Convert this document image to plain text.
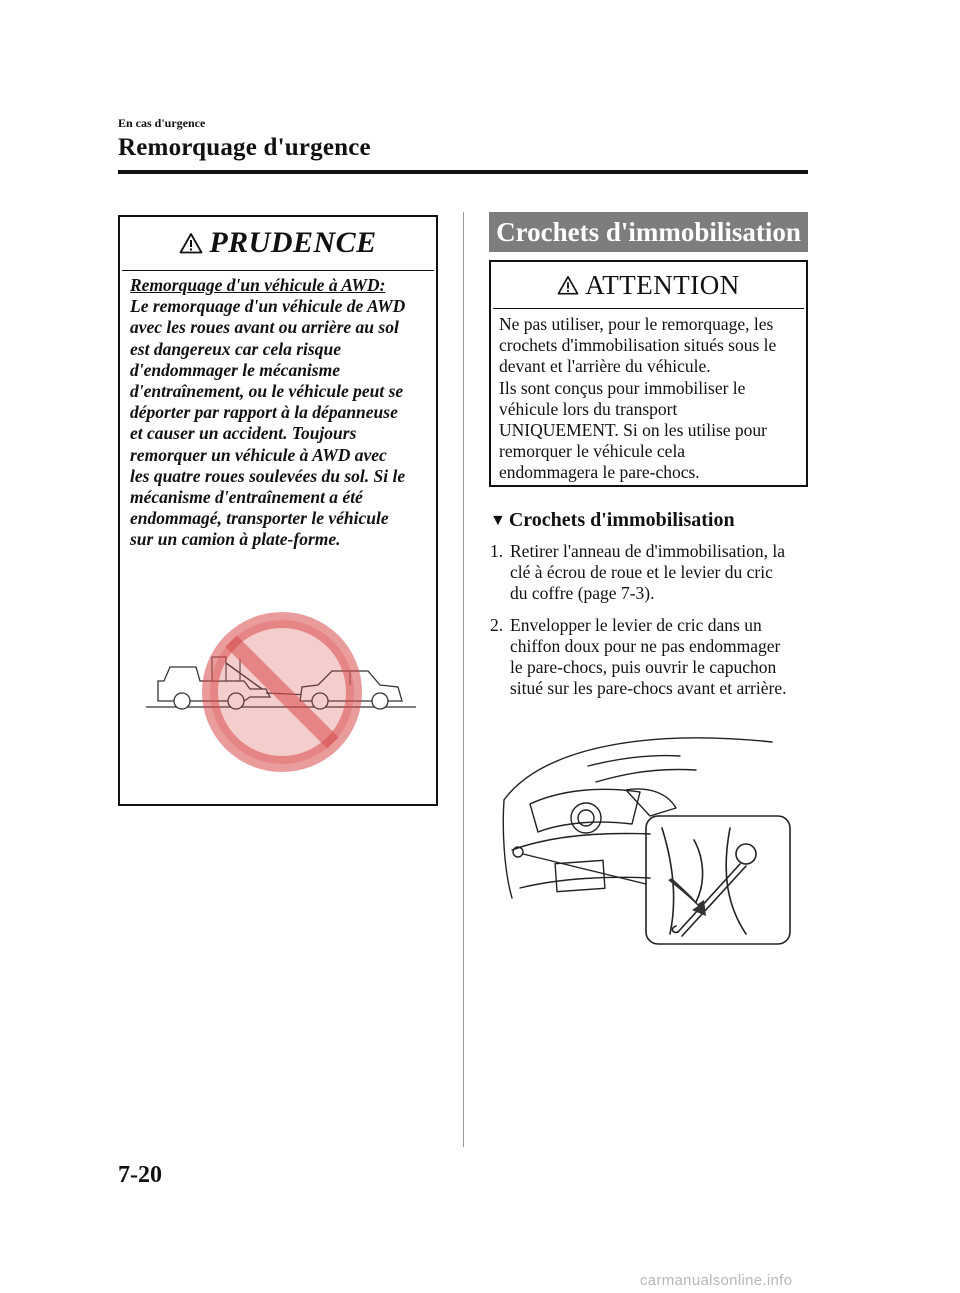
En cas d'urgence
Remorquage d'urgence
PRUDENCE
Remorquage d'un véhicule à AWD:
Le remorquage d'un véhicule de AWD
avec les roues avant ou arrière au sol
est dangereux car cela risque
d'endommager le mécanisme
d'entraînement, ou le véhicule peut se
déporter par rapport à la dépanneuse
et causer un accident. Toujours
remorquer un véhicule à AWD avec
les quatre roues soulevées du sol. Si le
mécanisme d'entraînement a été
endommagé, transporter le véhicule
sur un camion à plate-forme.
Crochets d'immobilisation
ATTENTION
Ne pas utiliser, pour le remorquage, les
crochets d'immobilisation situés sous le
devant et l'arrière du véhicule.
Ils sont conçus pour immobiliser le
véhicule lors du transport
UNIQUEMENT. Si on les utilise pour
remorquer le véhicule cela
endommagera le pare-chocs.
▼ Crochets d'immobilisation
1. Retirer l'anneau de d'immobilisation, la
clé à écrou de roue et le levier du cric
du coffre (page 7-3).
2. Envelopper le levier de cric dans un
chiffon doux pour ne pas endommager
le pare-chocs, puis ouvrir le capuchon
situé sur les pare-chocs avant et arrière.
7-20
carmanualsonline.info
